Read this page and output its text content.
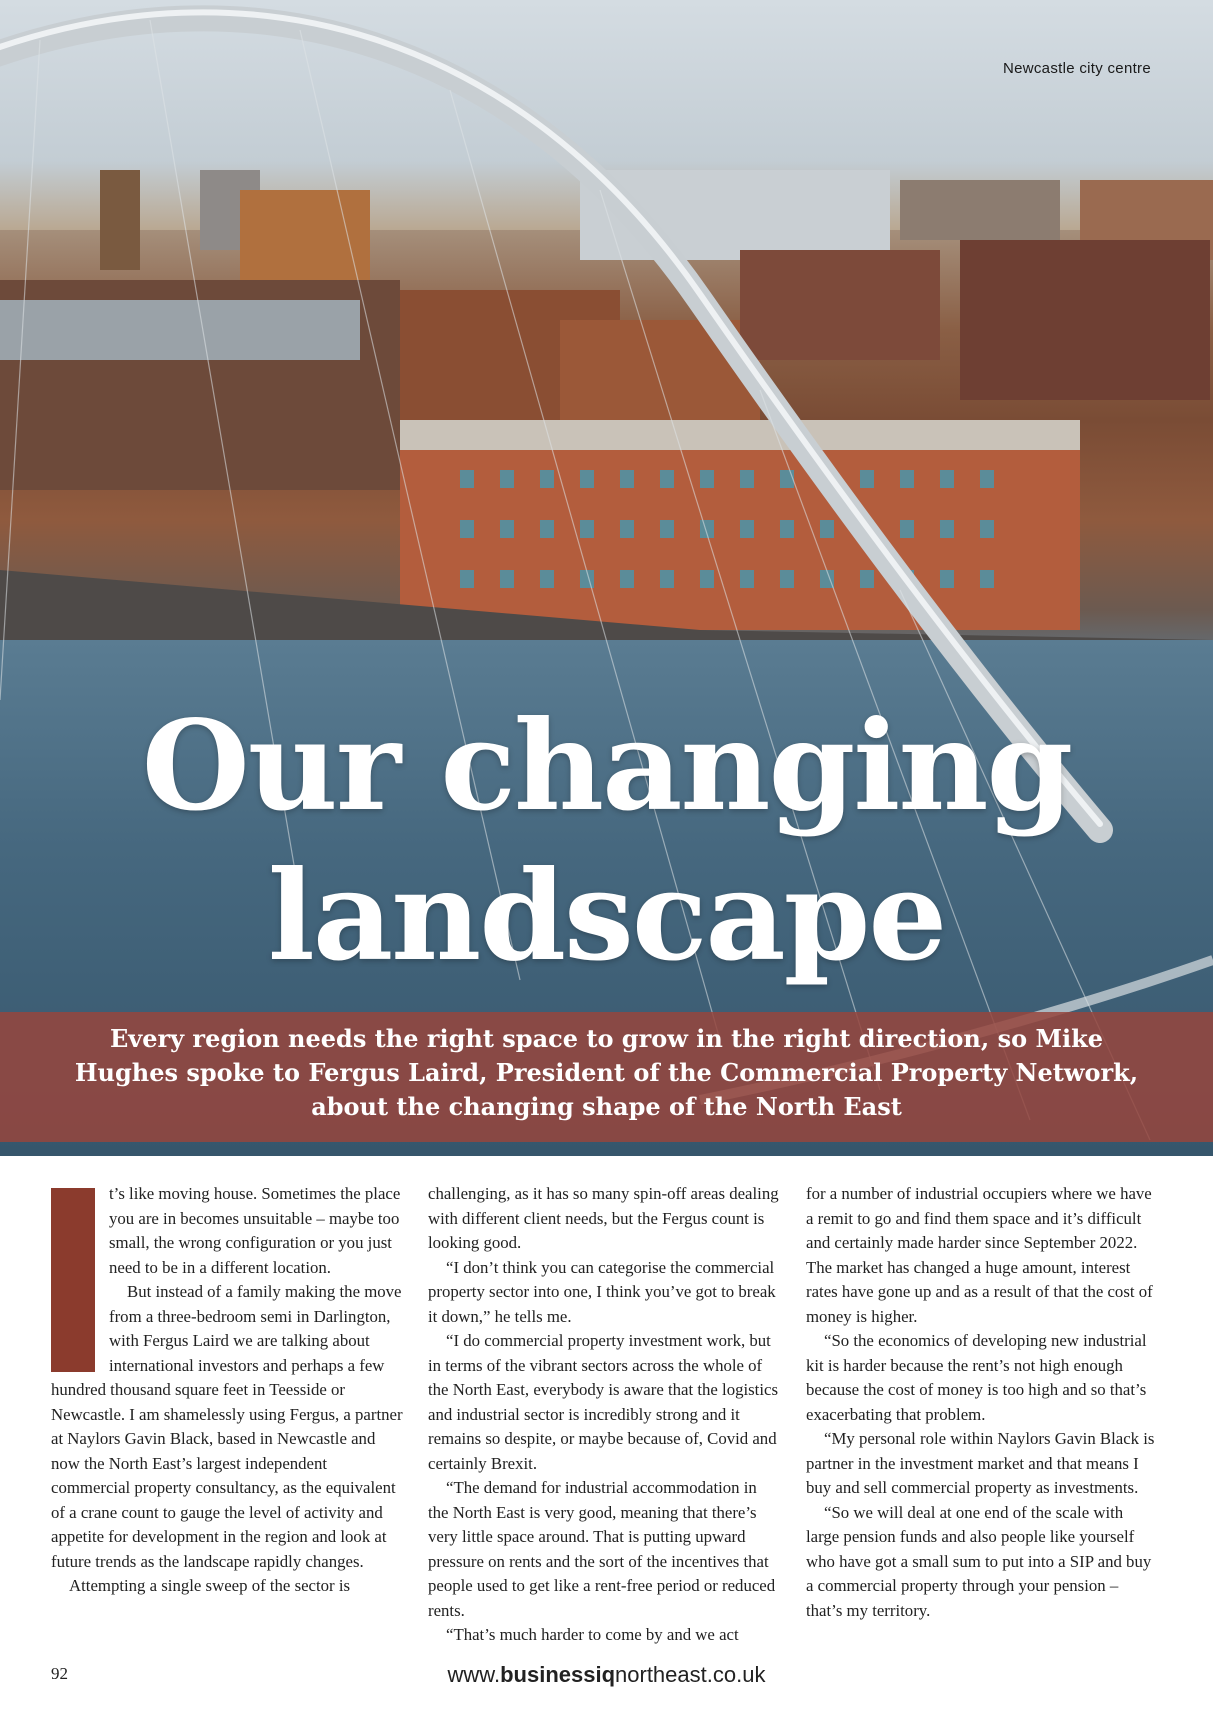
Newcastle city centre
Our changing
landscape
Every region needs the right space to grow in the right direction, so Mike Hughes spoke to Fergus Laird, President of the Commercial Property Network, about the changing shape of the North East

t’s like moving house. Sometimes the place you are in becomes unsuitable – maybe too small, the wrong configuration or you just need to be in a different location.

But instead of a family making the move from a three-bedroom semi in Darlington, with Fergus Laird we are talking about international investors and perhaps a few hundred thousand square feet in Teesside or Newcastle. I am shamelessly using Fergus, a partner at Naylors Gavin Black, based in Newcastle and now the North East’s largest independent commercial property consultancy, as the equivalent of a crane count to gauge the level of activity and appetite for development in the region and look at future trends as the landscape rapidly changes.

Attempting a single sweep of the sector is

challenging, as it has so many spin-off areas dealing with different client needs, but the Fergus count is looking good.

“I don’t think you can categorise the commercial property sector into one, I think you’ve got to break it down,” he tells me.

“I do commercial property investment work, but in terms of the vibrant sectors across the whole of the North East, everybody is aware that the logistics and industrial sector is incredibly strong and it remains so despite, or maybe because of, Covid and certainly Brexit.

“The demand for industrial accommodation in the North East is very good, meaning that there’s very little space around. That is putting upward pressure on rents and the sort of the incentives that people used to get like a rent-free period or reduced rents.

“That’s much harder to come by and we act

for a number of industrial occupiers where we have a remit to go and find them space and it’s difficult and certainly made harder since September 2022. The market has changed a huge amount, interest rates have gone up and as a result of that the cost of money is higher.

“So the economics of developing new industrial kit is harder because the rent’s not high enough because the cost of money is too high and so that’s exacerbating that problem.

“My personal role within Naylors Gavin Black is partner in the investment market and that means I buy and sell commercial property as investments.

“So we will deal at one end of the scale with large pension funds and also people like yourself who have got a small sum to put into a SIP and buy a commercial property through your pension – that’s my territory.

92	www.businessiqnortheast.co.uk
